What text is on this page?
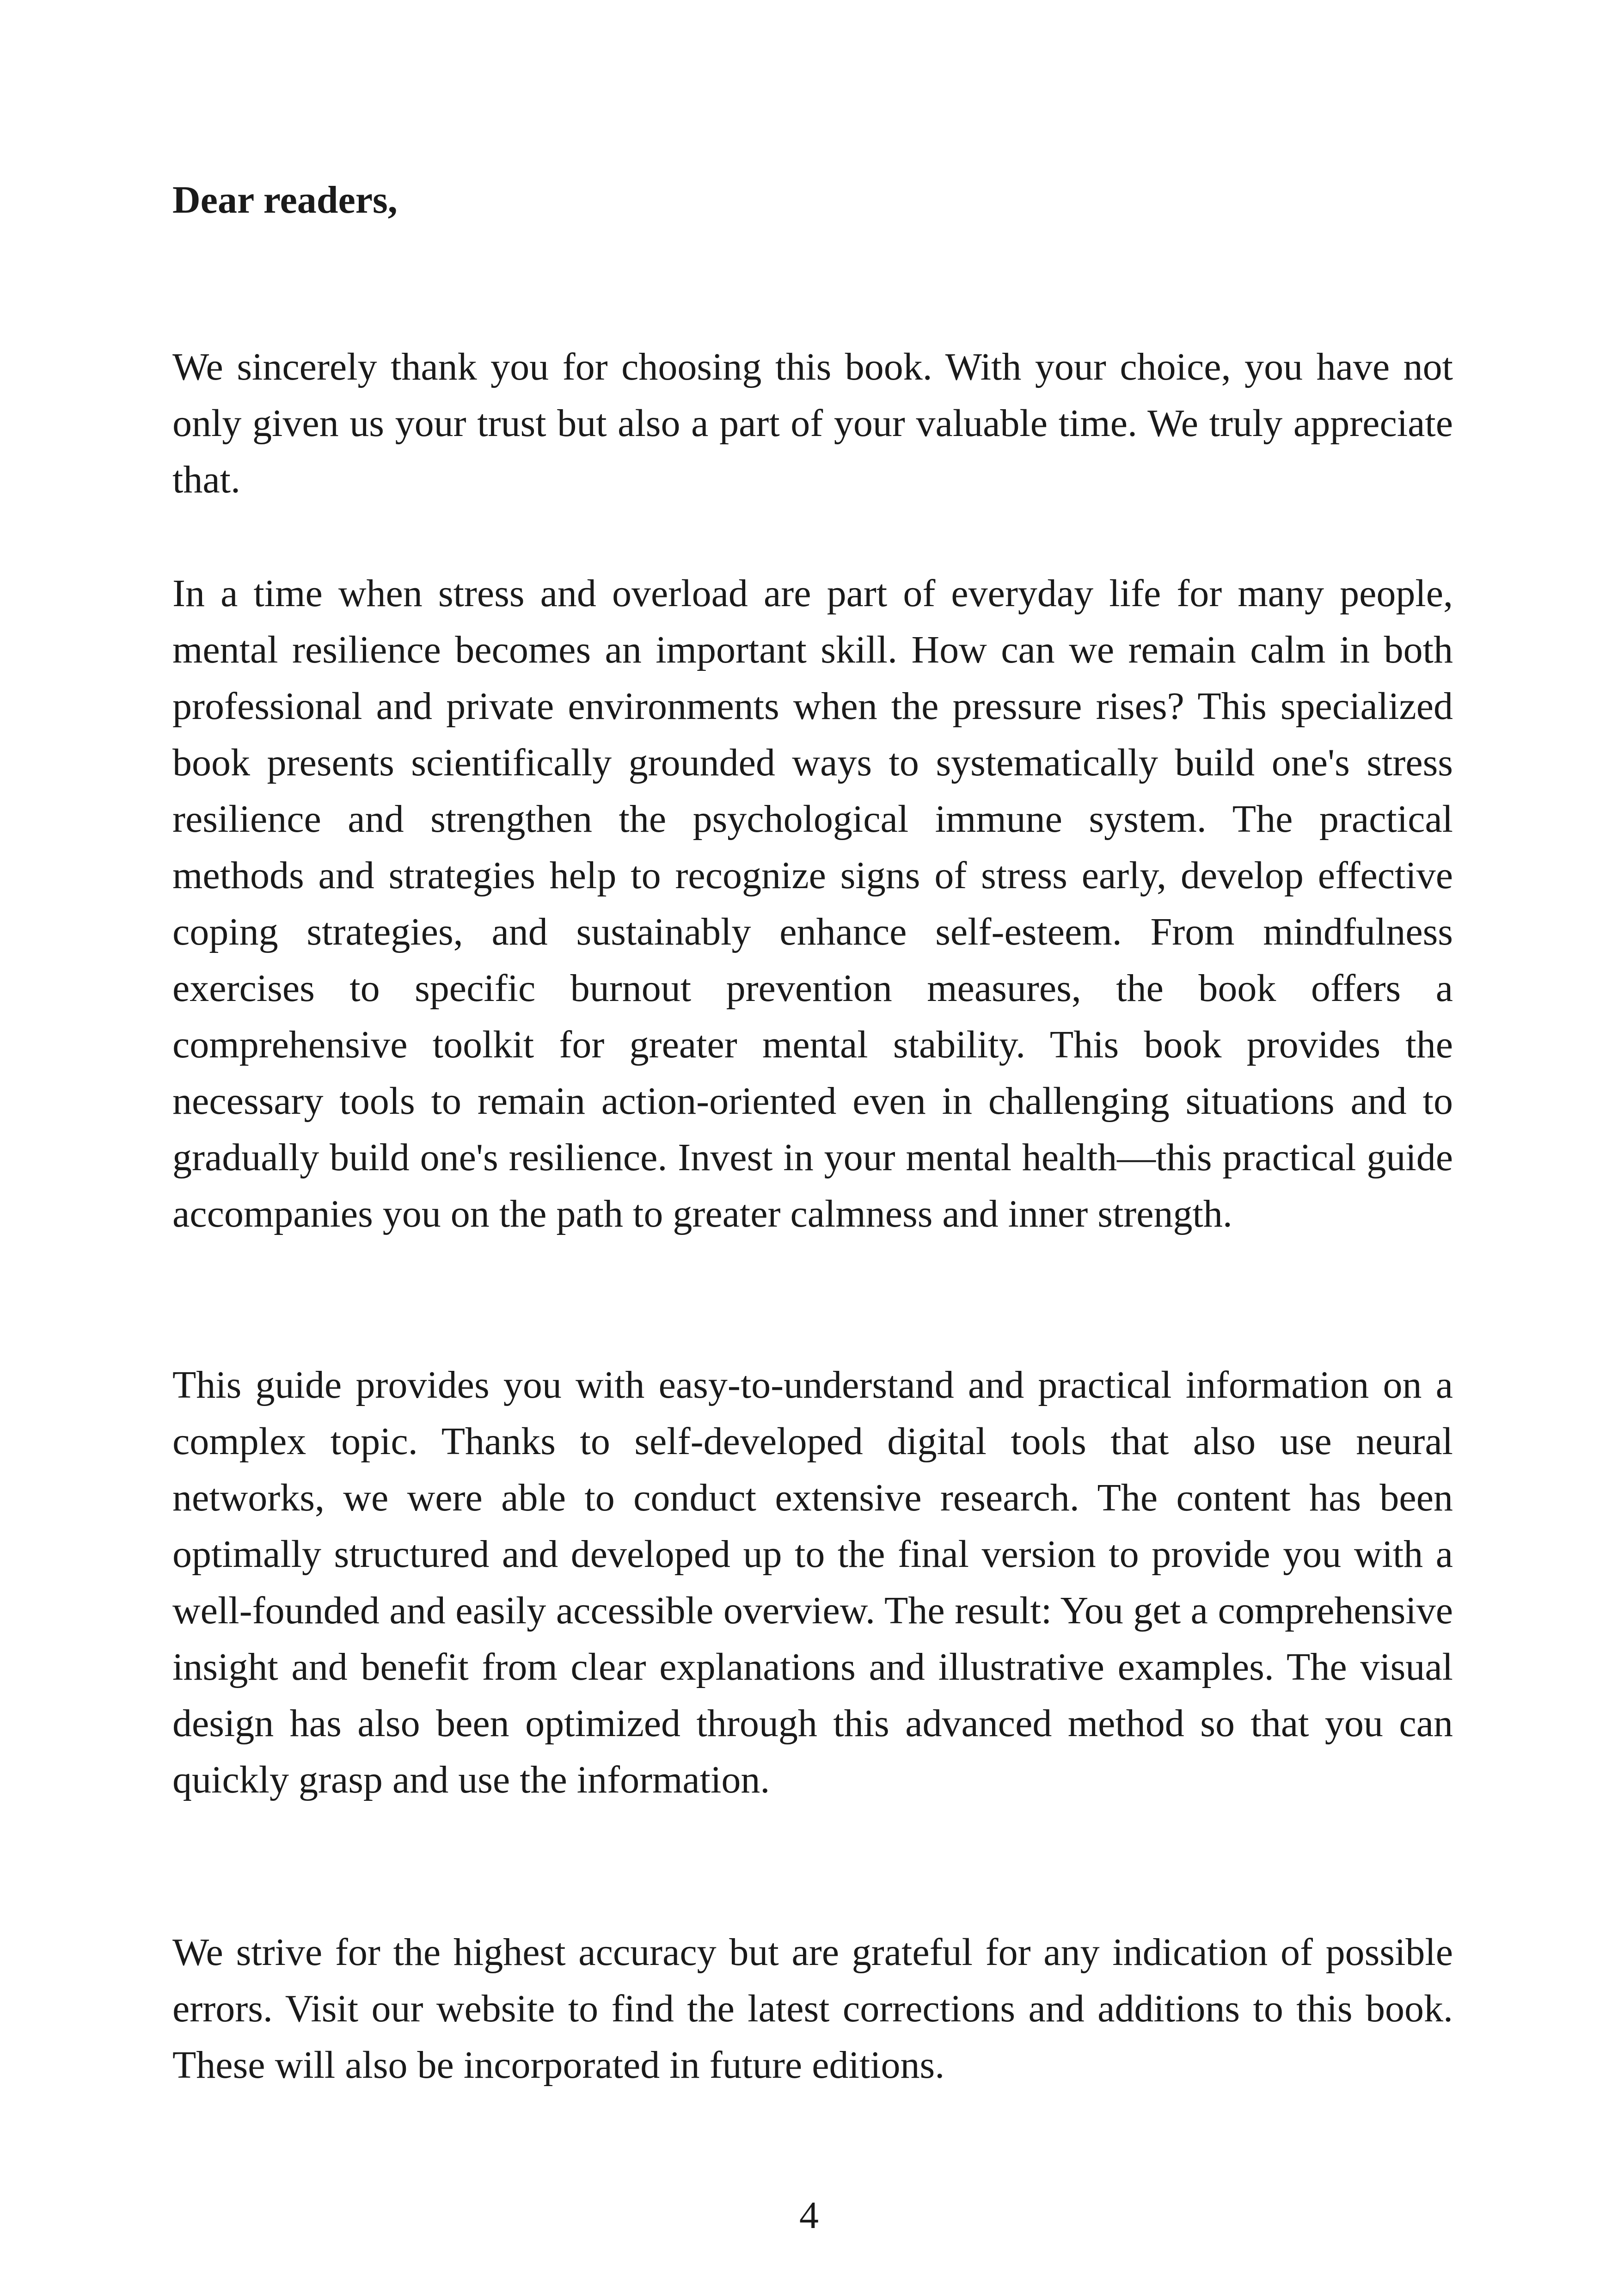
Dear readers,

We sincerely thank you for choosing this book. With your choice, you have not only given us your trust but also a part of your valuable time. We truly appreciate that.

In a time when stress and overload are part of everyday life for many people, mental resilience becomes an important skill. How can we remain calm in both professional and private environments when the pressure rises? This specialized book presents scientifically grounded ways to systematically build one's stress resilience and strengthen the psychological immune system. The practical methods and strategies help to recognize signs of stress early, develop effective coping strategies, and sustainably enhance self-esteem. From mindfulness exercises to specific burnout prevention measures, the book offers a comprehensive toolkit for greater mental stability. This book provides the necessary tools to remain action-oriented even in challenging situations and to gradually build one's resilience. Invest in your mental health—this practical guide accompanies you on the path to greater calmness and inner strength.

This guide provides you with easy-to-understand and practical information on a complex topic. Thanks to self-developed digital tools that also use neural networks, we were able to conduct extensive research. The content has been optimally structured and developed up to the final version to provide you with a well-founded and easily accessible overview. The result: You get a comprehensive insight and benefit from clear explanations and illustrative examples. The visual design has also been optimized through this advanced method so that you can quickly grasp and use the information.

We strive for the highest accuracy but are grateful for any indication of possible errors. Visit our website to find the latest corrections and additions to this book. These will also be incorporated in future editions.

4
